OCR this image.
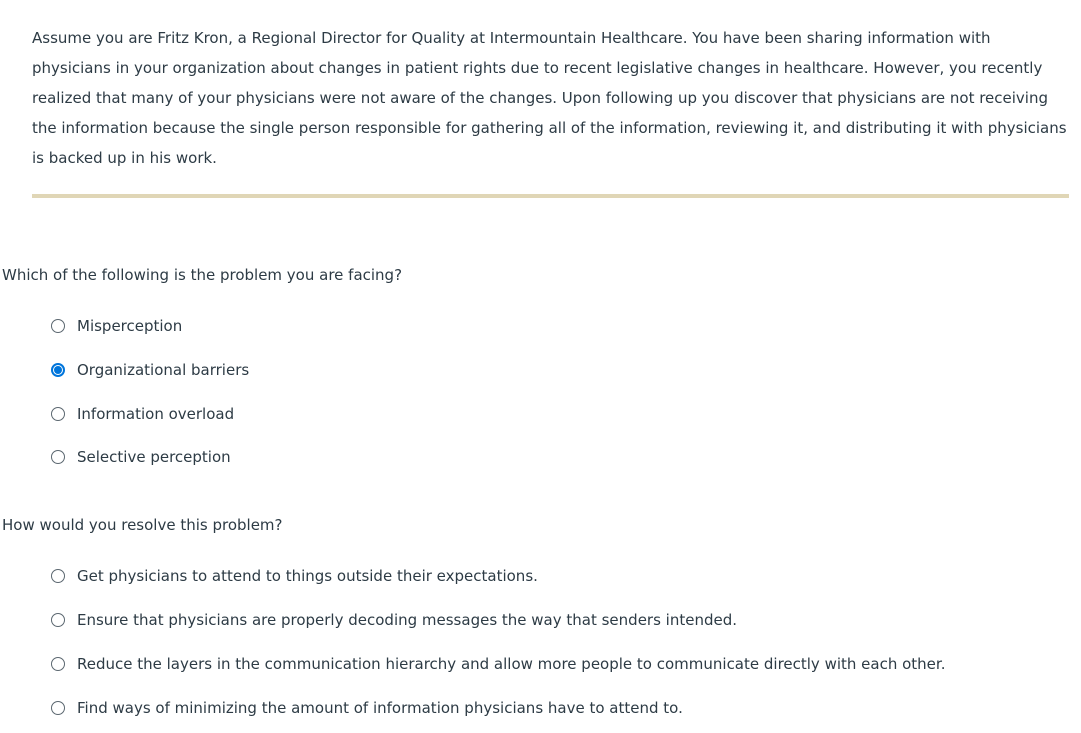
Assume you are Fritz Kron, a Regional Director for Quality at Intermountain Healthcare. You have been sharing information with physicians in your organization about changes in patient rights due to recent legislative changes in healthcare. However, you recently realized that many of your physicians were not aware of the changes. Upon following up you discover that physicians are not receiving the information because the single person responsible for gathering all of the information, reviewing it, and distributing it with physicians is backed up in his work.

Which of the following is the problem you are facing?

Misperception
Organizational barriers
Information overload
Selective perception

How would you resolve this problem?

Get physicians to attend to things outside their expectations.
Ensure that physicians are properly decoding messages the way that senders intended.
Reduce the layers in the communication hierarchy and allow more people to communicate directly with each other.
Find ways of minimizing the amount of information physicians have to attend to.
